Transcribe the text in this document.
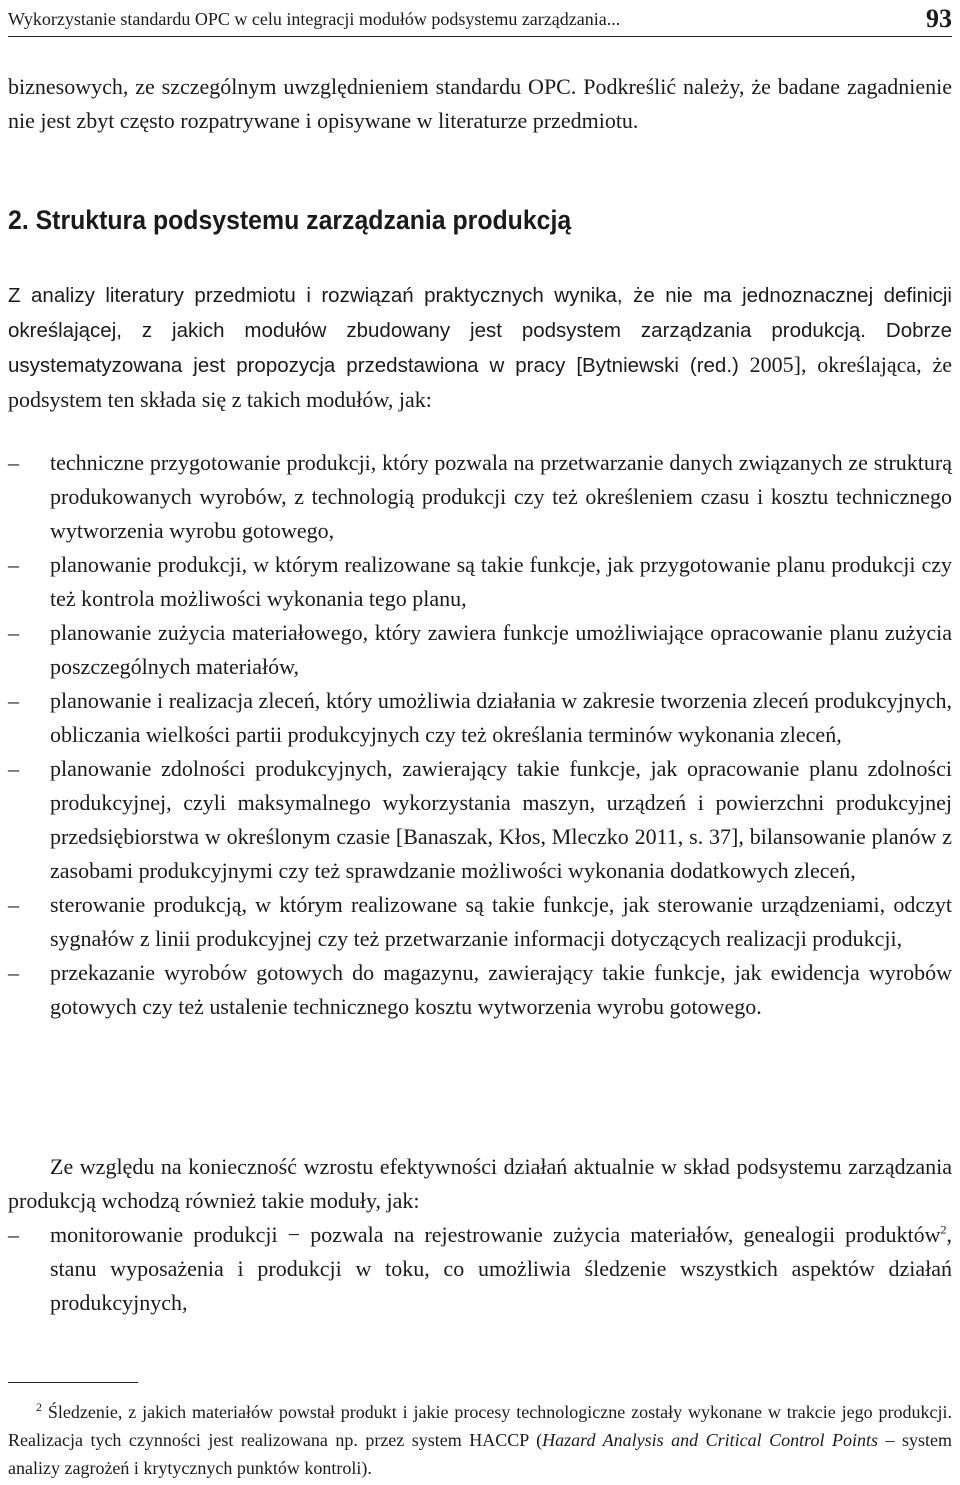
Wykorzystanie standardu OPC w celu integracji modułów podsystemu zarządzania...	93
biznesowych, ze szczególnym uwzględnieniem standardu OPC. Podkreślić należy, że badane zagadnienie nie jest zbyt często rozpatrywane i opisywane w literaturze przedmiotu.
2. Struktura podsystemu zarządzania produkcją
Z analizy literatury przedmiotu i rozwiązań praktycznych wynika, że nie ma jednoznacznej definicji określającej, z jakich modułów zbudowany jest podsystem zarządzania produkcją. Dobrze usystematyzowana jest propozycja przedstawiona w pracy [Bytniewski (red.) 2005], określająca, że podsystem ten składa się z takich modułów, jak:
– techniczne przygotowanie produkcji, który pozwala na przetwarzanie danych związanych ze strukturą produkowanych wyrobów, z technologią produkcji czy też określeniem czasu i kosztu technicznego wytworzenia wyrobu gotowego,
– planowanie produkcji, w którym realizowane są takie funkcje, jak przygotowanie planu produkcji czy też kontrola możliwości wykonania tego planu,
– planowanie zużycia materiałowego, który zawiera funkcje umożliwiające opracowanie planu zużycia poszczególnych materiałów,
– planowanie i realizacja zleceń, który umożliwia działania w zakresie tworzenia zleceń produkcyjnych, obliczania wielkości partii produkcyjnych czy też określania terminów wykonania zleceń,
– planowanie zdolności produkcyjnych, zawierający takie funkcje, jak opracowanie planu zdolności produkcyjnej, czyli maksymalnego wykorzystania maszyn, urządzeń i powierzchni produkcyjnej przedsiębiorstwa w określonym czasie [Banaszak, Kłos, Mleczko 2011, s. 37], bilansowanie planów z zasobami produkcyjnymi czy też sprawdzanie możliwości wykonania dodatkowych zleceń,
– sterowanie produkcją, w którym realizowane są takie funkcje, jak sterowanie urządzeniami, odczyt sygnałów z linii produkcyjnej czy też przetwarzanie informacji dotyczących realizacji produkcji,
– przekazanie wyrobów gotowych do magazynu, zawierający takie funkcje, jak ewidencja wyrobów gotowych czy też ustalenie technicznego kosztu wytworzenia wyrobu gotowego.
Ze względu na konieczność wzrostu efektywności działań aktualnie w skład podsystemu zarządzania produkcją wchodzą również takie moduły, jak:
– monitorowanie produkcji − pozwala na rejestrowanie zużycia materiałów, genealogii produktów$^2$, stanu wyposażenia i produkcji w toku, co umożliwia śledzenie wszystkich aspektów działań produkcyjnych,
$^2$ Śledzenie, z jakich materiałów powstał produkt i jakie procesy technologiczne zostały wykonane w trakcie jego produkcji. Realizacja tych czynności jest realizowana np. przez system HACCP (Hazard Analysis and Critical Control Points – system analizy zagrożeń i krytycznych punktów kontroli).
